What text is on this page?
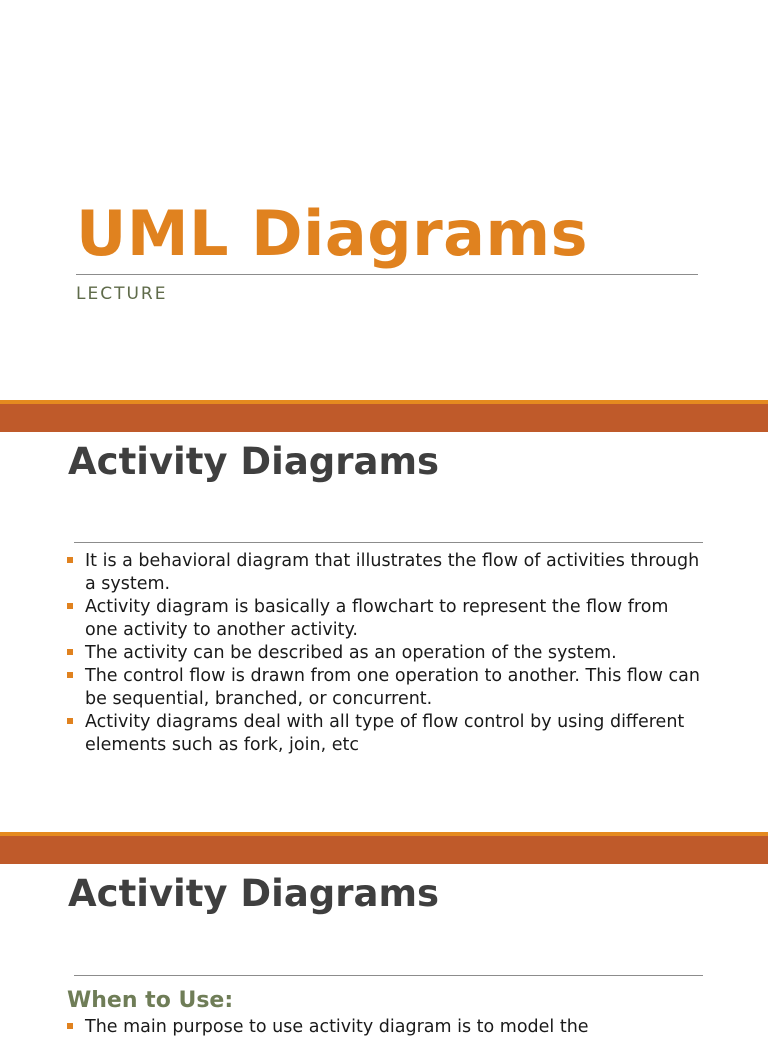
UML Diagrams
LECTURE
Activity Diagrams
It is a behavioral diagram that illustrates the flow of activities through a system.
Activity diagram is basically a flowchart to represent the flow from one activity to another activity.
The activity can be described as an operation of the system.
The control flow is drawn from one operation to another. This flow can be sequential, branched, or concurrent.
Activity diagrams deal with all type of flow control by using different elements such as fork, join, etc
Activity Diagrams
When to Use:
The main purpose to use activity diagram is to model the
